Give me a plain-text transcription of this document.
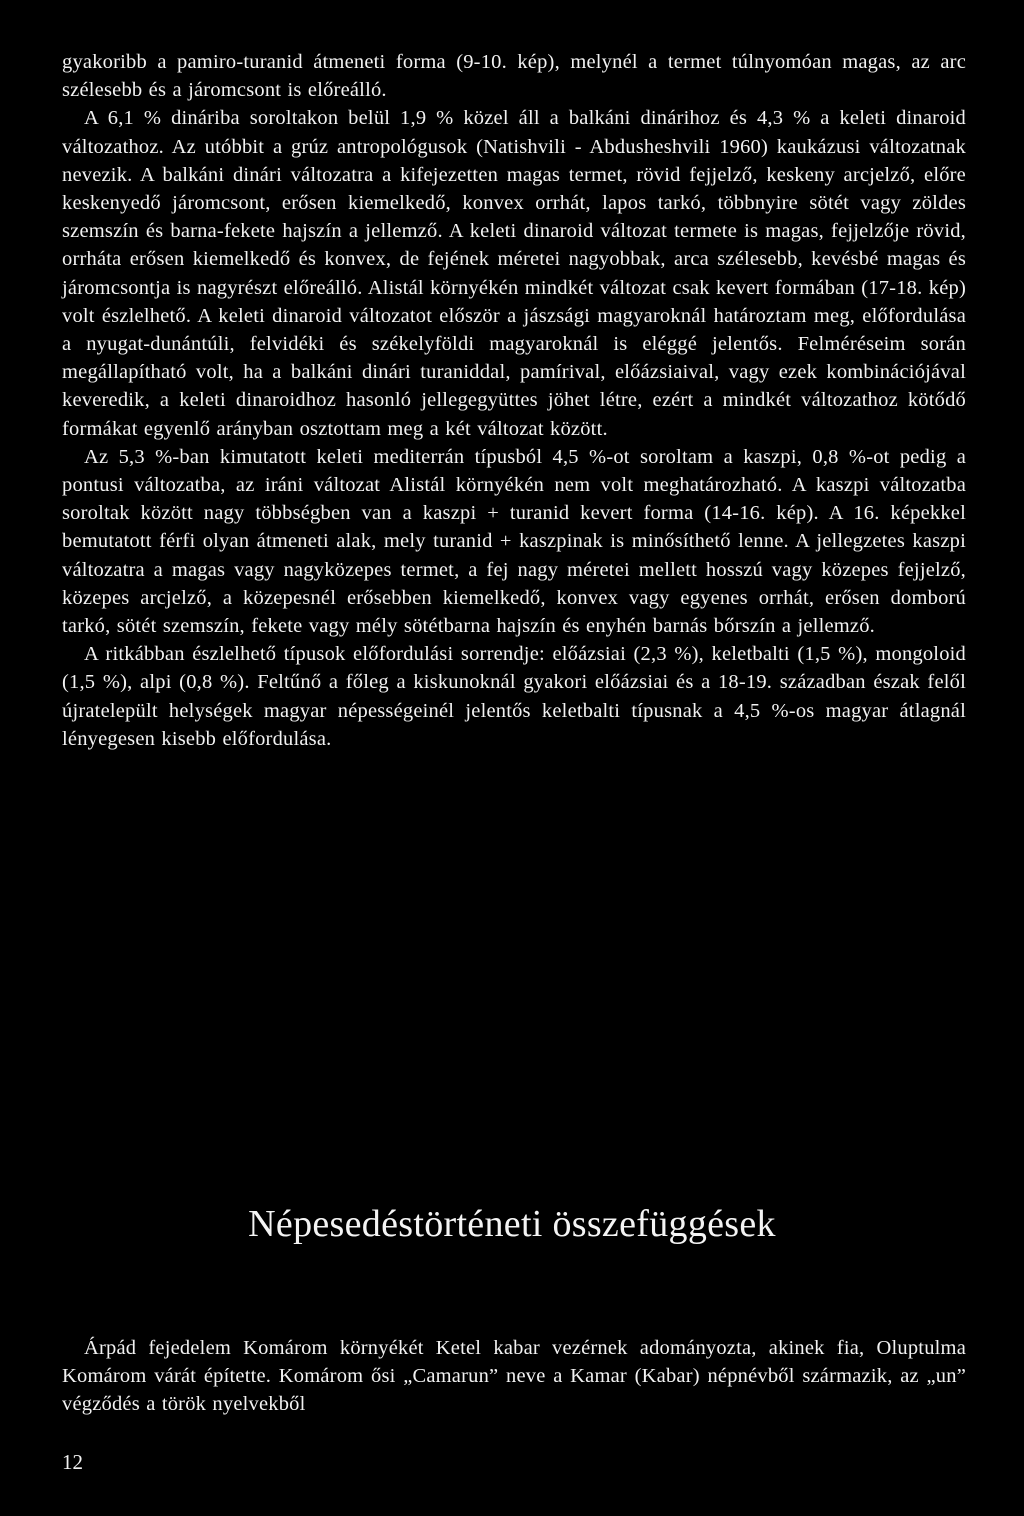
gyakoribb a pamiro-turanid átmeneti forma (9-10. kép), melynél a termet túlnyomóan magas, az arc szélesebb és a járomcsont is előreálló.

A 6,1 % dináriba soroltakon belül 1,9 % közel áll a balkáni dinárihoz és 4,3 % a keleti dinaroid változathoz. Az utóbbit a grúz antropológusok (Natishvili - Abdusheshvili 1960) kaukázusi változatnak nevezik. A balkáni dinári változatra a kifejezetten magas termet, rövid fejjelző, keskeny arcjelző, előre keskenyedő járomcsont, erősen kiemelkedő, konvex orrhát, lapos tarkó, többnyire sötét vagy zöldes szemszín és barna-fekete hajszín a jellemző. A keleti dinaroid változat termete is magas, fejjelzője rövid, orrháta erősen kiemelkedő és konvex, de fejének méretei nagyobbak, arca szélesebb, kevésbé magas és járomcsontja is nagyrészt előreálló. Alistál környékén mindkét változat csak kevert formában (17-18. kép) volt észlelhető. A keleti dinaroid változatot először a jászsági magyaroknál határoztam meg, előfordulása a nyugat-dunántúli, felvidéki és székelyföldi magyaroknál is eléggé jelentős. Felméréseim során megállapítható volt, ha a balkáni dinári turaniddal, pamírival, előázsiaival, vagy ezek kombinációjával keveredik, a keleti dinaroidhoz hasonló jellegegyüttes jöhet létre, ezért a mindkét változathoz kötődő formákat egyenlő arányban osztottam meg a két változat között.

Az 5,3 %-ban kimutatott keleti mediterrán típusból 4,5 %-ot soroltam a kaszpi, 0,8 %-ot pedig a pontusi változatba, az iráni változat Alistál környékén nem volt meghatározható. A kaszpi változatba soroltak között nagy többségben van a kaszpi + turanid kevert forma (14-16. kép). A 16. képekkel bemutatott férfi olyan átmeneti alak, mely turanid + kaszpinak is minősíthető lenne. A jellegzetes kaszpi változatra a magas vagy nagyközepes termet, a fej nagy méretei mellett hosszú vagy közepes fejjelző, közepes arcjelző, a közepesnél erősebben kiemelkedő, konvex vagy egyenes orrhát, erősen domború tarkó, sötét szemszín, fekete vagy mély sötétbarna hajszín és enyhén barnás bőrszín a jellemző.

A ritkábban észlelhető típusok előfordulási sorrendje: előázsiai (2,3 %), keletbalti (1,5 %), mongoloid (1,5 %), alpi (0,8 %). Feltűnő a főleg a kiskunoknál gyakori előázsiai és a 18-19. században észak felől újratelepült helységek magyar népességeinél jelentős keletbalti típusnak a 4,5 %-os magyar átlagnál lényegesen kisebb előfordulása.

Népesedéstörténeti összefüggések

Árpád fejedelem Komárom környékét Ketel kabar vezérnek adományozta, akinek fia, Oluptulma Komárom várát építette. Komárom ősi „Camarun” neve a Kamar (Kabar) népnévből származik, az „un” végződés a török nyelvekből

12
